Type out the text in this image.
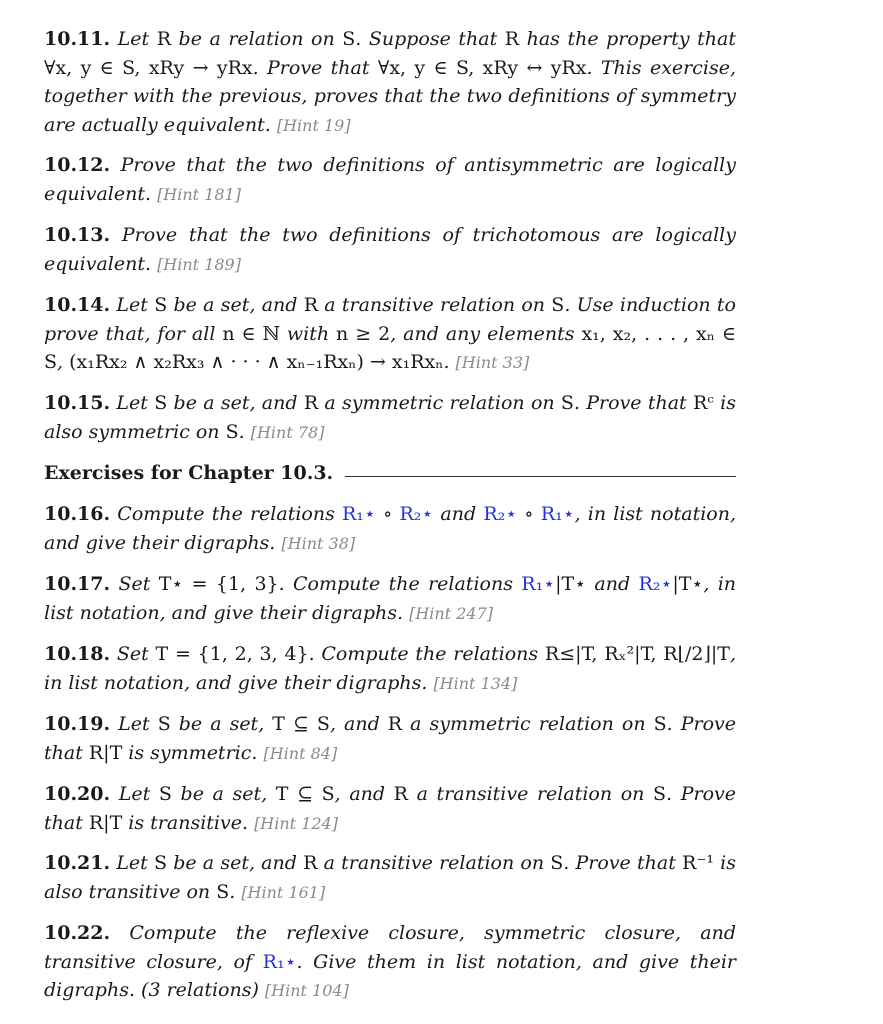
10.11. Let R be a relation on S. Suppose that R has the property that ∀x, y ∈ S, xRy → yRx. Prove that ∀x, y ∈ S, xRy ↔ yRx. This exercise, together with the previous, proves that the two definitions of symmetry are actually equivalent. [Hint 19]
10.12. Prove that the two definitions of antisymmetric are logically equivalent. [Hint 181]
10.13. Prove that the two definitions of trichotomous are logically equivalent. [Hint 189]
10.14. Let S be a set, and R a transitive relation on S. Use induction to prove that, for all n ∈ ℕ with n ≥ 2, and any elements x₁, x₂, . . . , xₙ ∈ S, (x₁Rx₂ ∧ x₂Rx₃ ∧ · · · ∧ xₙ₋₁Rxₙ) → x₁Rxₙ. [Hint 33]
10.15. Let S be a set, and R a symmetric relation on S. Prove that Rᶜ is also symmetric on S. [Hint 78]
Exercises for Chapter 10.3.
10.16. Compute the relations R₁⋆ ∘ R₂⋆ and R₂⋆ ∘ R₁⋆, in list notation, and give their digraphs. [Hint 38]
10.17. Set T⋆ = {1, 3}. Compute the relations R₁⋆|T⋆ and R₂⋆|T⋆, in list notation, and give their digraphs. [Hint 247]
10.18. Set T = {1, 2, 3, 4}. Compute the relations R≤|T, Rₓ²|T, R⌊/2⌋|T, in list notation, and give their digraphs. [Hint 134]
10.19. Let S be a set, T ⊆ S, and R a symmetric relation on S. Prove that R|T is symmetric. [Hint 84]
10.20. Let S be a set, T ⊆ S, and R a transitive relation on S. Prove that R|T is transitive. [Hint 124]
10.21. Let S be a set, and R a transitive relation on S. Prove that R⁻¹ is also transitive on S. [Hint 161]
10.22. Compute the reflexive closure, symmetric closure, and transitive closure, of R₁⋆. Give them in list notation, and give their digraphs. (3 relations) [Hint 104]
